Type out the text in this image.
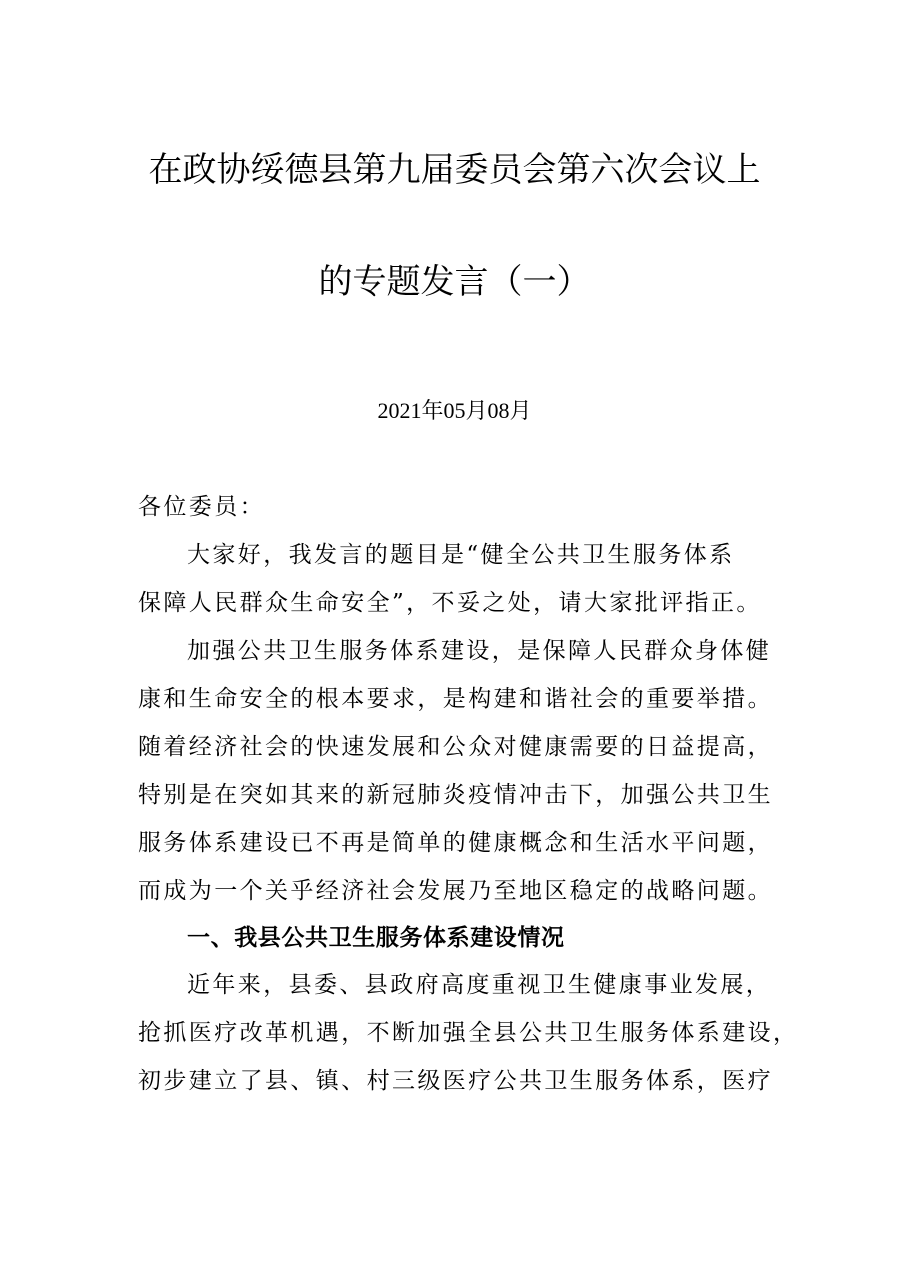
在政协绥德县第九届委员会第六次会议上
的专题发言（一）
2021年05月08月
各位委员：
大家好，我发言的题目是“健全公共卫生服务体系
保障人民群众生命安全”，不妥之处，请大家批评指正。
加强公共卫生服务体系建设，是保障人民群众身体健
康和生命安全的根本要求，是构建和谐社会的重要举措。
随着经济社会的快速发展和公众对健康需要的日益提高，
特别是在突如其来的新冠肺炎疫情冲击下，加强公共卫生
服务体系建设已不再是简单的健康概念和生活水平问题，
而成为一个关乎经济社会发展乃至地区稳定的战略问题。
一、我县公共卫生服务体系建设情况
近年来，县委、县政府高度重视卫生健康事业发展，
抢抓医疗改革机遇，不断加强全县公共卫生服务体系建设，
初步建立了县、镇、村三级医疗公共卫生服务体系，医疗
